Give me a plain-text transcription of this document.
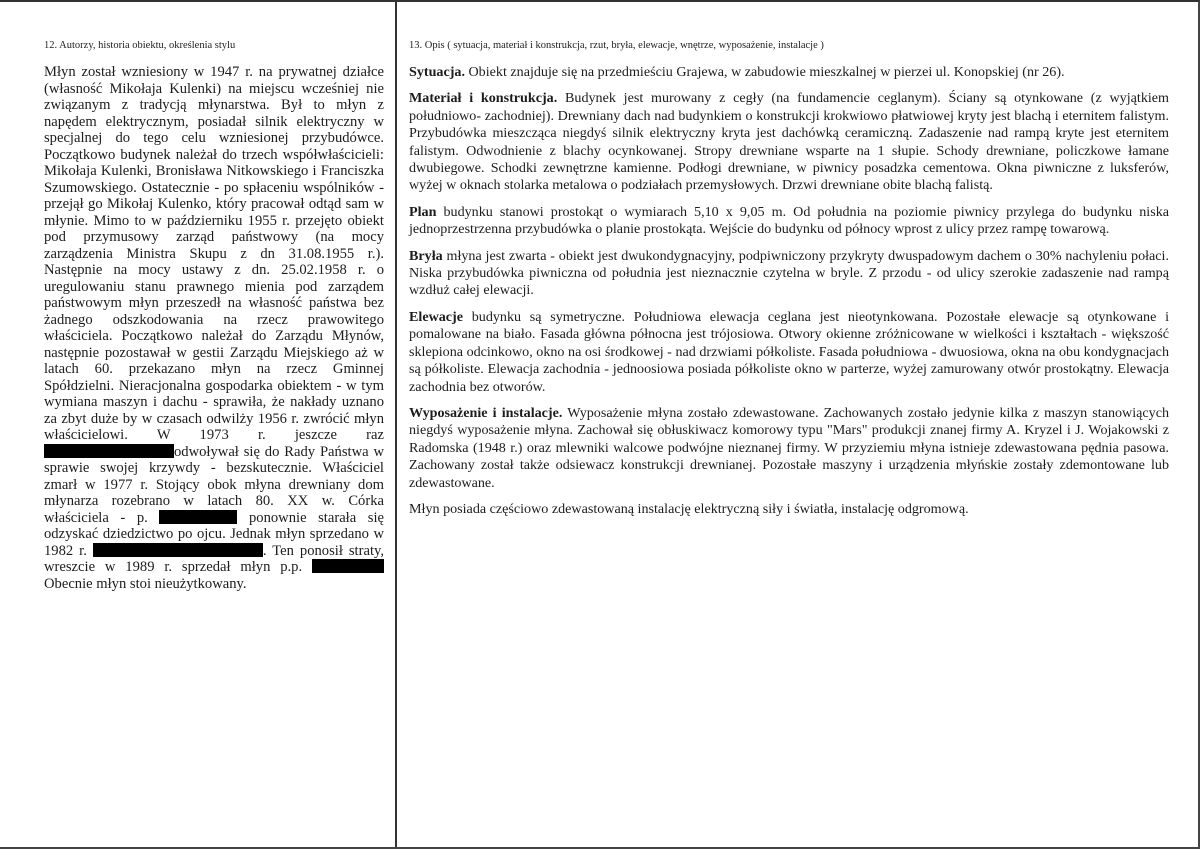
12. Autorzy, historia obiektu, określenia stylu

Młyn został wzniesiony w 1947 r. na prywatnej działce (własność Mikołaja Kulenki) na miejscu wcześniej nie związanym z tradycją młynarstwa. Był to młyn z napędem elektrycznym, posiadał silnik elektryczny w specjalnej do tego celu wzniesionej przybudówce. Początkowo budynek należał do trzech współwłaścicieli: Mikołaja Kulenki, Bronisława Nitkowskiego i Franciszka Szumowskiego. Ostatecznie - po spłaceniu wspólników - przejął go Mikołaj Kulenko, który pracował odtąd sam w młynie. Mimo to w październiku 1955 r. przejęto obiekt pod przymusowy zarząd państwowy (na mocy zarządzenia Ministra Skupu z dn 31.08.1955 r.). Następnie na mocy ustawy z dn. 25.02.1958 r. o uregulowaniu stanu prawnego mienia pod zarządem państwowym młyn przeszedł na własność państwa bez żadnego odszkodowania na rzecz prawowitego właściciela. Początkowo należał do Zarządu Młynów, następnie pozostawał w gestii Zarządu Miejskiego aż w latach 60. przekazano młyn na rzecz Gminnej Spółdzielni. Nieracjonalna gospodarka obiektem - w tym wymiana maszyn i dachu - sprawiła, że nakłady uznano za zbyt duże by w czasach odwilży 1956 r. zwrócić młyn właścicielowi. W 1973 r. jeszcze raz odwoływał się do Rady Państwa w sprawie swojej krzywdy - bezskutecznie. Właściciel zmarł w 1977 r. Stojący obok młyna drewniany dom młynarza rozebrano w latach 80. XX w. Córka właściciela - p.	ponownie starała się odzyskać dziedzictwo po ojcu. Jednak młyn sprzedano w 1982 r.	. Ten ponosił straty, wreszcie w 1989 r. sprzedał młyn p.p.  Obecnie młyn stoi nieużytkowany.

13. Opis ( sytuacja, materiał i konstrukcja, rzut, bryła, elewacje, wnętrze, wyposażenie, instalacje )

Sytuacja. Obiekt znajduje się na przedmieściu Grajewa, w zabudowie mieszkalnej w pierzei ul. Konopskiej (nr 26).

Materiał i konstrukcja. Budynek jest murowany z cegły (na fundamencie ceglanym). Ściany są otynkowane (z wyjątkiem południowo- zachodniej). Drewniany dach nad budynkiem o konstrukcji krokwiowo płatwiowej kryty jest blachą i eternitem falistym. Przybudówka mieszcząca niegdyś silnik elektryczny kryta jest dachówką ceramiczną. Zadaszenie nad rampą kryte jest eternitem falistym. Odwodnienie z blachy ocynkowanej. Stropy drewniane wsparte na 1 słupie. Schody drewniane, policzkowe łamane dwubiegowe. Schodki zewnętrzne kamienne. Podłogi drewniane, w piwnicy posadzka cementowa. Okna piwniczne z luksferów, wyżej w oknach stolarka metalowa o podziałach przemysłowych. Drzwi drewniane obite blachą falistą.

Plan budynku stanowi prostokąt o wymiarach 5,10 x 9,05 m. Od południa na poziomie piwnicy przylega do budynku niska jednoprzestrzenna przybudówka o planie prostokąta. Wejście do budynku od północy wprost z ulicy przez rampę towarową.

Bryła młyna jest zwarta - obiekt jest dwukondygnacyjny, podpiwniczony przykryty dwuspadowym dachem o 30% nachyleniu połaci. Niska przybudówka piwniczna od południa jest nieznacznie czytelna w bryle. Z przodu - od ulicy szerokie zadaszenie nad rampą wzdłuż całej elewacji.

Elewacje budynku są symetryczne. Południowa elewacja ceglana jest nieotynkowana. Pozostałe elewacje są otynkowane i pomalowane na biało. Fasada główna północna jest trójosiowa. Otwory okienne zróżnicowane w wielkości i kształtach - większość sklepiona odcinkowo, okno na osi środkowej - nad drzwiami półkoliste. Fasada południowa - dwuosiowa, okna na obu kondygnacjach są półkoliste. Elewacja zachodnia - jednoosiowa posiada półkoliste okno w parterze, wyżej zamurowany otwór prostokątny. Elewacja zachodnia bez otworów.

Wyposażenie i instalacje. Wyposażenie młyna zostało zdewastowane. Zachowanych zostało jedynie kilka z maszyn stanowiących niegdyś wyposażenie młyna. Zachował się obłuskiwacz komorowy typu "Mars" produkcji znanej firmy A. Kryzel i J. Wojakowski z Radomska (1948 r.) oraz mlewniki walcowe podwójne nieznanej firmy. W przyziemiu młyna istnieje zdewastowana pędnia pasowa. Zachowany został także odsiewacz konstrukcji drewnianej. Pozostałe maszyny i urządzenia młyńskie zostały zdemontowane lub zdewastowane.

Młyn posiada częściowo zdewastowaną instalację elektryczną siły i światła, instalację odgromową.
